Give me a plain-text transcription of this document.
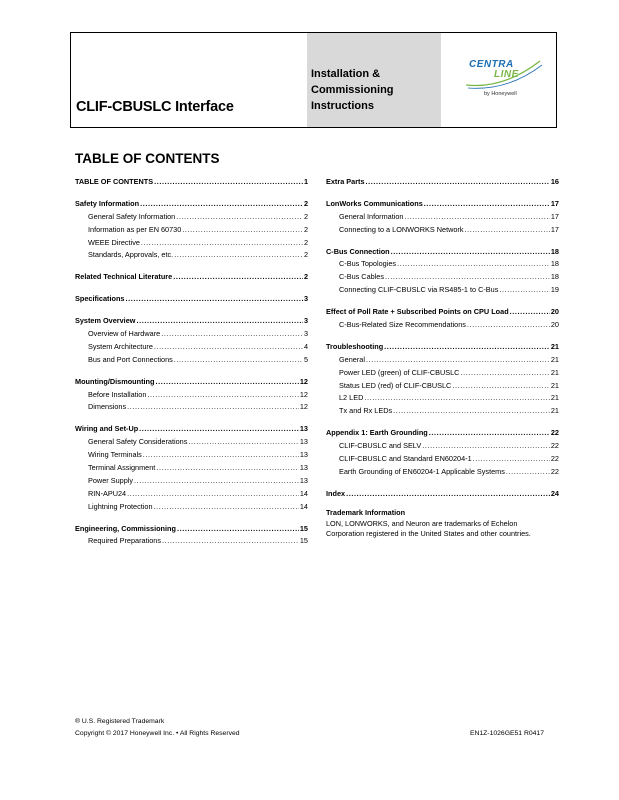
CLIF-CBUSLC Interface
Installation &
Commissioning
Instructions
CENTRA
LINE
by Honeywell
TABLE OF CONTENTS
TABLE OF CONTENTS .....	1
Safety Information .....	2
General Safety Information .....	2
Information as per EN 60730 .....	2
WEEE Directive .....	2
Standards, Approvals, etc. .....	2
Related Technical Literature .....	2
Specifications .....	3
System Overview .....	3
Overview of Hardware .....	3
System Architecture .....	4
Bus and Port Connections .....	5
Mounting/Dismounting .....	12
Before Installation .....	12
Dimensions .....	12
Wiring and Set-Up .....	13
General Safety Considerations .....	13
Wiring Terminals .....	13
Terminal Assignment .....	13
Power Supply .....	13
RIN-APU24 .....	14
Lightning Protection .....	14
Engineering, Commissioning .....	15
Required Preparations .....	15
Extra Parts .....	16
LonWorks Communications .....	17
General Information .....	17
Connecting to a LONWORKS Network .....	17
C-Bus Connection .....	18
C-Bus Topologies .....	18
C-Bus Cables .....	18
Connecting CLIF-CBUSLC via RS485-1 to C-Bus .....	19
Effect of Poll Rate + Subscribed Points on CPU Load .....	20
C-Bus-Related Size Recommendations .....	20
Troubleshooting .....	21
General .....	21
Power LED (green) of CLIF-CBUSLC .....	21
Status LED (red) of CLIF-CBUSLC .....	21
L2 LED .....	21
Tx and Rx LEDs .....	21
Appendix 1: Earth Grounding .....	22
CLIF-CBUSLC and SELV .....	22
CLIF-CBUSLC and Standard EN60204-1 .....	22
Earth Grounding of EN60204-1 Applicable Systems .....	22
Index .....	24
Trademark Information
LON, LONWORKS, and Neuron are trademarks of Echelon Corporation registered in the United States and other countries.
® U.S. Registered Trademark
Copyright © 2017 Honeywell Inc. • All Rights Reserved	EN1Z-1026GE51 R0417
